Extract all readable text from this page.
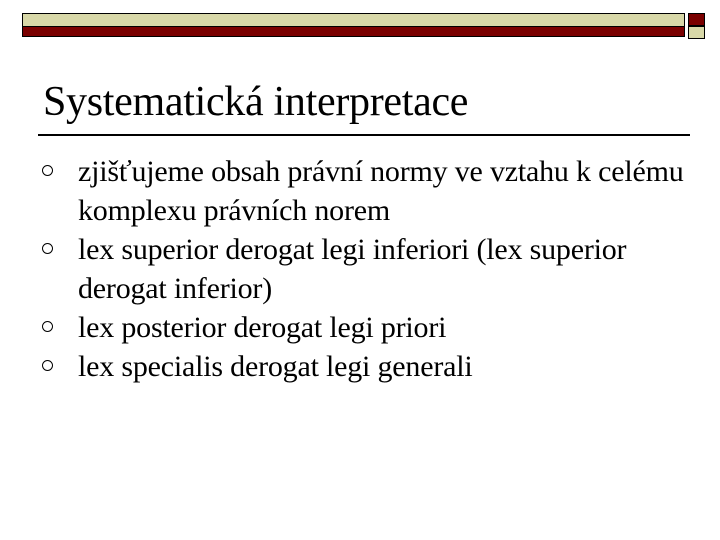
Systematická interpretace
zjišťujeme obsah právní normy ve vztahu k celému komplexu právních norem
lex superior derogat legi inferiori (lex superior derogat inferior)
lex posterior derogat legi priori
lex specialis derogat legi generali
